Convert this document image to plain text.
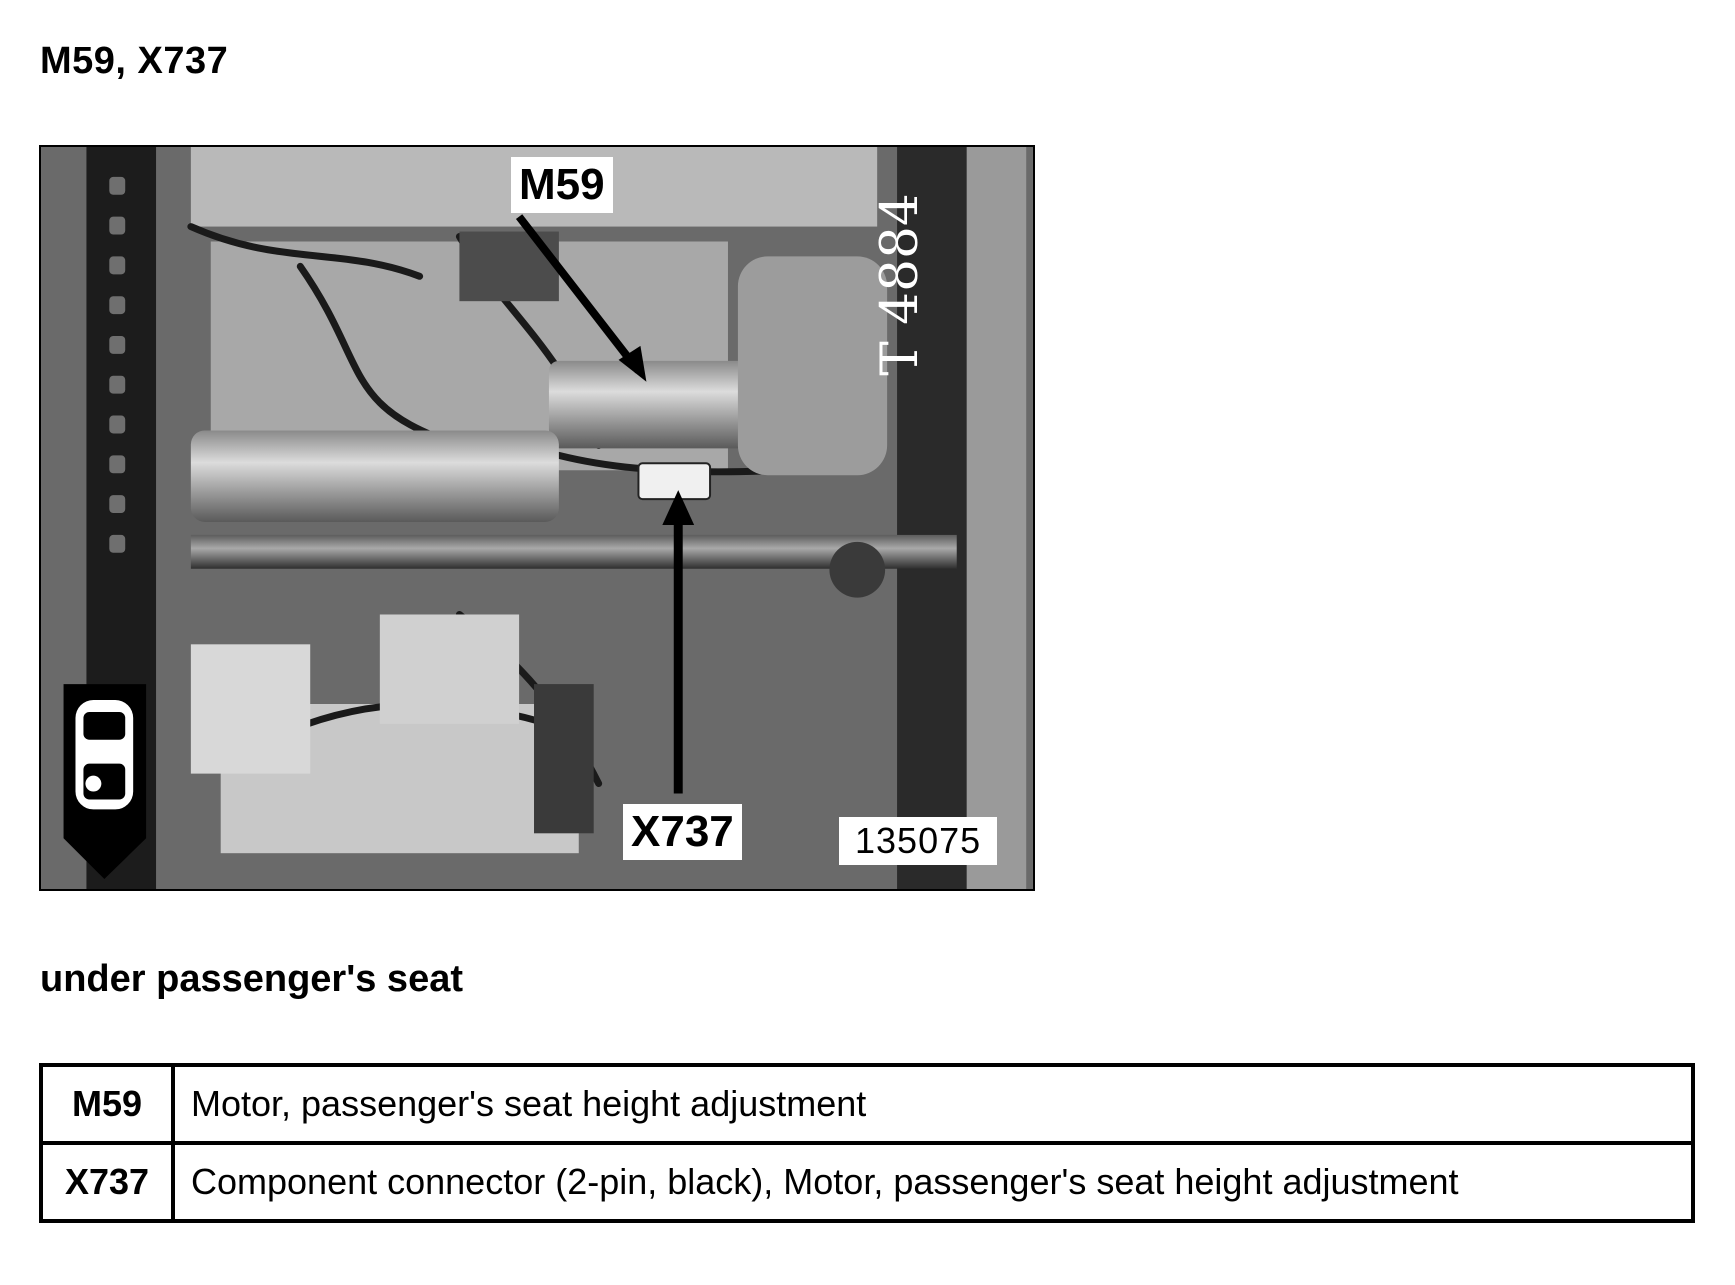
M59, X737
T 4884
M59
X737	135075
under passenger's seat
M59	Motor, passenger's seat height adjustment
X737	Component connector (2-pin, black), Motor, passenger's seat height adjustment
